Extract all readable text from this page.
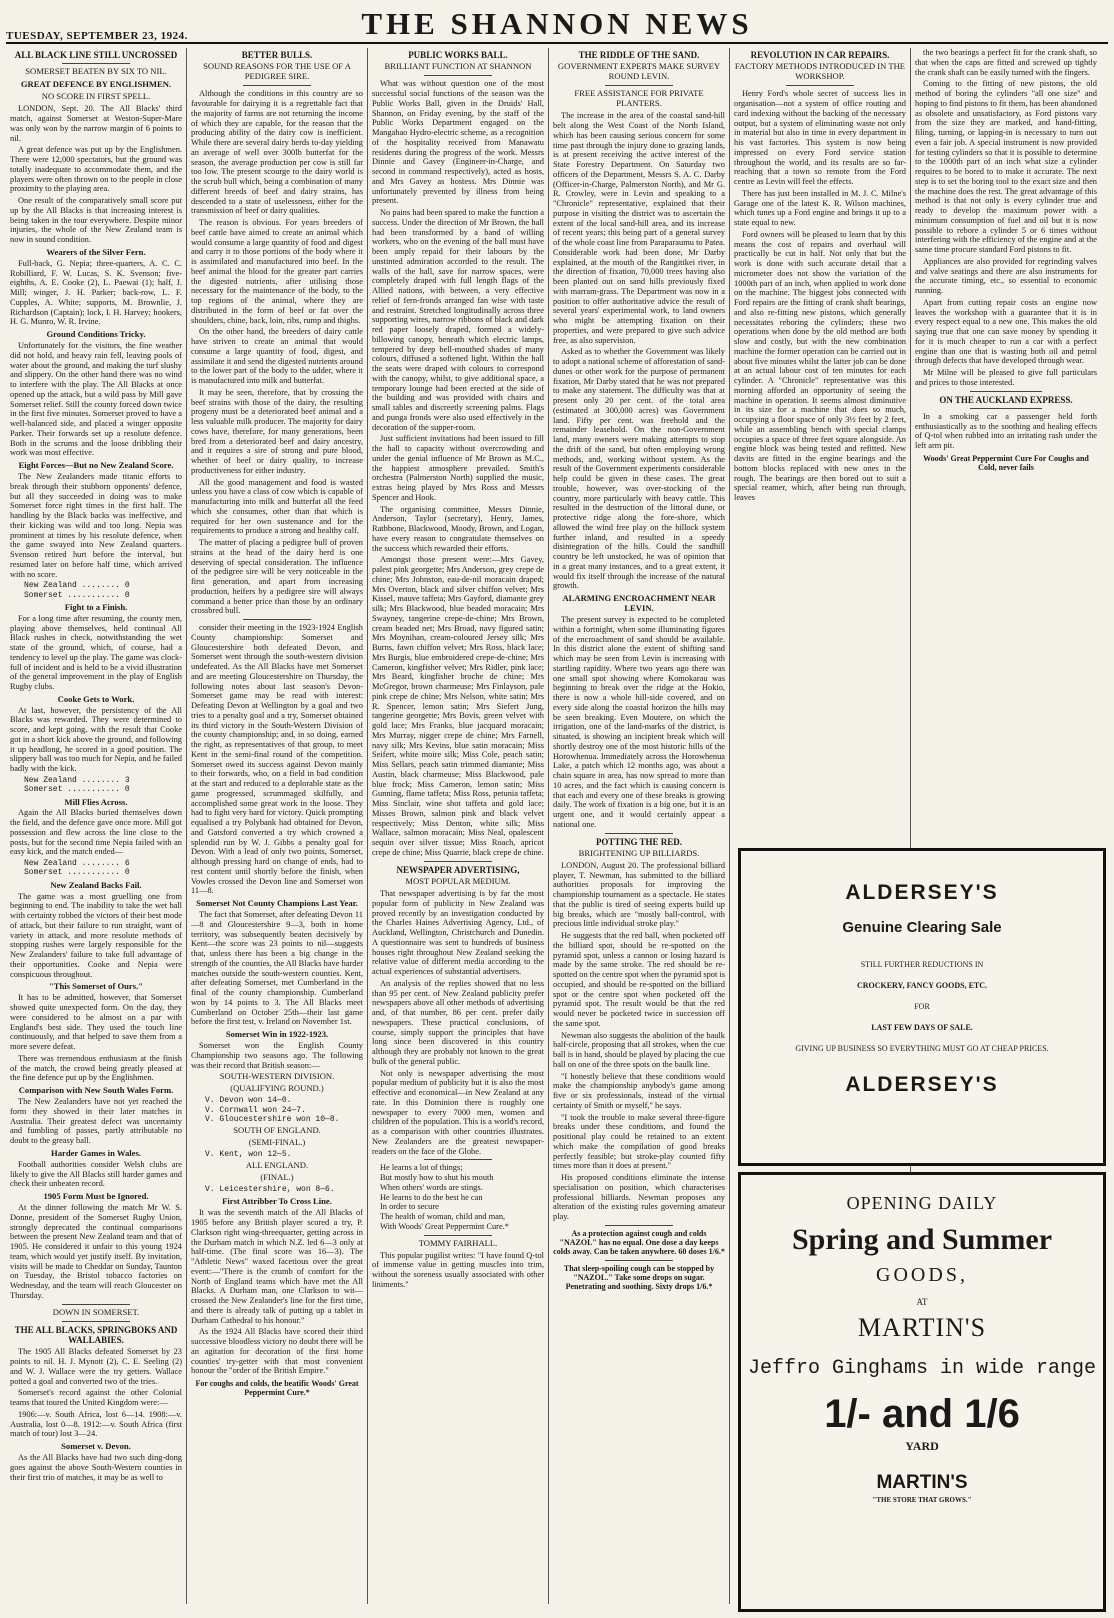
TUESDAY, SEPTEMBER 23, 1924.	THE SHANNON NEWS
ALL BLACK LINE STILL UNCROSSED
SOMERSET BEATEN BY SIX TO NIL.
GREAT DEFENCE BY ENGLISHMEN.
NO SCORE IN FIRST SPELL.

LONDON, Sept. 20. The All Blacks' third match, against Somerset at Weston-Super-Mare was only won by the narrow margin of 6 points to nil.

A great defence was put up by the Englishmen. There were 12,000 spectators, but the ground was totally inadequate to accommodate them, and the players were often thrown on to the people in close proximity to the playing area.

One result of the comparatively small score put up by the All Blacks is that increasing interest is being taken in the tour everywhere. Despite minor injuries, the whole of the New Zealand team is now in sound condition.

Wearers of the Silver Fern.

Full-back, G. Nepia; three-quarters, A. C. C. Robilliard, F. W. Lucas, S. K. Svenson; five-eighths, A. E. Cooke (2), L. Paewai (1); half, J. Mill; winger, J. H. Parker; back-row, L. F. Cupples, A. White; supports, M. Brownlie, J. Richardson (Captain); lock, I. H. Harvey; hookers, H. G. Munro, W. R. Irvine.

Ground Conditions Tricky.

Unfortunately for the visitors, the fine weather did not hold, and heavy rain fell, leaving pools of water about the ground, and making the turf slushy and slippery. On the other hand there was no wind to interfere with the play. The All Blacks at once opened up the attack, but a wild pass by Mill gave Somerset relief. Still the county forced down twice in the first five minutes. Somerset proved to have a well-balanced side, and placed a winger opposite Parker. Their forwards set up a resolute defence. Both in the scrums and the loose dribbling their work was most effective.

Eight Forces—But no New Zealand Score.

The New Zealanders made titanic efforts to break through their stubborn opponents' defence, but all they succeeded in doing was to make Somerset force right times in the first half. The handling by the Black backs was ineffective, and their kicking was wild and too long. Nepia was prominent at times by his resolute defence, when the game swayed into New Zealand quarters. Svenson retired hurt before the interval, but resumed later on before half time, which arrived with no score.

New Zealand ........ 0
Somerset ........... 0
Fight to a Finish.

For a long time after resuming, the county men, playing above themselves, held continual All Black rushes in check, notwithstanding the wet state of the ground, which, of course, had a tendency to level up the play. The game was clock-full of incident and is held to be a vivid illustration of the general improvement in the play of English Rugby clubs.

Cooke Gets to Work.

At last, however, the persistency of the All Blacks was rewarded. They were determined to score, and kept going, with the result that Cooke got in a short kick above the ground, and following it up headlong, he scored in a good position. The slippery ball was too much for Nepia, and he failed badly with the kick.

New Zealand ........ 3
Somerset ........... 0
Mill Flies Across.

Again the All Blacks buried themselves down the field, and the defence gave once more. Mill got possession and flew across the line close to the posts, but for the second time Nepia failed with an easy kick, and the match ended—

New Zealand ........ 6
Somerset ........... 0
New Zealand Backs Fail.

The game was a most gruelling one from beginning to end. The inability to take the wet ball with certainty robbed the victors of their best mode of attack, but their failure to run straight, want of variety in attack, and more resolute methods of stopping rushes were largely responsible for the New Zealanders' failure to take full advantage of their opportunities. Cooke and Nepia were conspicuous throughout.

"This Somerset of Ours."

It has to be admitted, however, that Somerset showed quite unexpected form. On the day, they were considered to be almost on a par with England's best side. They used the touch line continuously, and that helped to save them from a more severe defeat.

There was tremendous enthusiasm at the finish of the match, the crowd being greatly pleased at the fine defence put up by the Englishmen.

Comparison with New South Wales Form.

The New Zealanders have not yet reached the form they showed in their later matches in Australia. Their greatest defect was uncertainty and fumbling of passes, partly attributable no doubt to the greasy ball.

Harder Games in Wales.

Football authorities consider Welsh clubs are likely to give the All Blacks still harder games and check their unbeaten record.

1905 Form Must be Ignored.

At the dinner following the match Mr W. S. Donne, president of the Somerset Rugby Union, strongly deprecated the continual comparisons between the present New Zealand team and that of 1905. He considered it unfair to this young 1924 team, which would yet justify itself. By invitation, visits will be made to Cheddar on Sunday, Taunton on Tuesday, the Bristol tobacco factories on Wednesday, and the team will reach Gloucester on Thursday.

DOWN IN SOMERSET.
THE ALL BLACKS, SPRINGBOKS AND WALLABIES.

The 1905 All Blacks defeated Somerset by 23 points to nil. H. J. Mynott (2), C. E. Seeling (2) and W. J. Wallace were the try getters. Wallace potted a goal and converted two of the tries.

Somerset's record against the other Colonial teams that toured the United Kingdom were:—

1906:—v. South Africa, lost 6—14. 1908:—v. Australia, lost 0—8. 1912:—v. South Africa (first match of tour) lost 3—24.

Somerset v. Devon.

As the All Blacks have had two such ding-dong goes against the above South-Western counties in their first trio of matches, it may be as well to

BETTER BULLS.
SOUND REASONS FOR THE USE OF A PEDIGREE SIRE.

Although the conditions in this country are so favourable for dairying it is a regrettable fact that the majority of farms are not returning the income of which they are capable, for the reason that the producing ability of the dairy cow is inefficient. While there are several dairy herds to-day yielding an average of well over 300lb butterfat for the season, the average production per cow is still far too low. The present scourge to the dairy world is the scrub bull which, being a combination of many different breeds of beef and dairy strains, has descended to a state of uselessness, either for the transmission of beef or dairy qualities.

The reason is obvious. For years breeders of beef cattle have aimed to create an animal which would consume a large quantity of food and digest and carry it to those portions of the body where it is assimilated and manufactured into beef. In the beef animal the blood for the greater part carries the digested nutrients, after utilising those necessary for the maintenance of the body, to the top regions of the animal, where they are distributed in the form of beef or fat over the shoulders, chine, back, loin, ribs, rump and thighs.

On the other hand, the breeders of dairy cattle have striven to create an animal that would consume a large quantity of food, digest, and assimilate it and send the digested nutrients around to the lower part of the body to the udder, where it is manufactured into milk and butterfat.

It may be seen, therefore, that by crossing the beef strains with those of the dairy, the resulting progeny must be a deteriorated beef animal and a less valuable milk producer. The majority for dairy cows have, therefore, for many generations, been bred from a deteriorated beef and dairy ancestry, and it requires a sire of strong and pure blood, whether of beef or dairy quality, to increase productiveness for either industry.

All the good management and food is wasted unless you have a class of cow which is capable of manufacturing into milk and butterfat all the feed which she consumes, other than that which is required for her own sustenance and for the requirements to produce a strong and healthy calf.

The matter of placing a pedigree bull of proven strains at the head of the dairy herd is one deserving of special consideration. The influence of the pedigree sire will be very noticeable in the first generation, and apart from increasing production, heifers by a pedigree sire will always command a better price than those by an ordinary crossbred bull.

consider their meeting in the 1923-1924 English County championship: Somerset and Gloucestershire both defeated Devon, and Somerset went through the south-western division undefeated. As the All Blacks have met Somerset and are meeting Gloucestershire on Thursday, the following notes about last season's Devon-Somerset game may be read with interest: Defeating Devon at Wellington by a goal and two tries to a penalty goal and a try, Somerset obtained its third victory in the South-Western Division of the county championship; and, in so doing, earned the right, as representatives of that group, to meet Kent in the semi-final round of the competition. Somerset owed its success against Devon mainly to their forwards, who, on a field in bad condition at the start and reduced to a deplorable state as the game progressed, scrummaged skilfully, and accomplished some great work in the loose. They had to fight very hard for victory. Quick prompting equalised a try Polybank had obtained for Devon, and Gatsford converted a try which crowned a splendid run by W. J. Gibbs a penalty goal for Devon. With a lead of only two points, Somerset, although pressing hard on change of ends, had to rest content until shortly before the finish, when Vowles crossed the Devon line and Somerset won 11—8.

Somerset Not County Champions Last Year.

The fact that Somerset, after defeating Devon 11—8 and Gloucestershire 9—3, both in home territory, was subsequently beaten decisively by Kent—the score was 23 points to nil—suggests that, unless there has been a big change in the strength of the counties, the All Blacks have harder matches outside the south-western counties. Kent, after defeating Somerset, met Cumberland in the final of the county championship. Cumberland won by 14 points to 3. The All Blacks meet Cumberland on October 25th—their last game before the first test, v. Ireland on November 1st.

Somerset Win in 1922-1923.

Somerset won the English County Championship two seasons ago. The following was their record that British season:—

SOUTH-WESTERN DIVISION.
(QUALIFYING ROUND.)
V. Devon won 14—0.
V. Cornwall won 24—7.
V. Gloucestershire won 10—8.
SOUTH OF ENGLAND.
(SEMI-FINAL.)
V. Kent, won 12—5.
ALL ENGLAND.
(FINAL.)
V. Leicestershire, won 8—6.
First Attribber To Cross Line.

It was the seventh match of the All Blacks of 1905 before any British player scored a try, P. Clarkson right wing-threequarter, getting across in the Durham match in which N.Z. led 6—3 only at half-time. (The final score was 16—3). The "Athletic News" waxed facetious over the great event:—"There is the crumb of comfort for the North of England teams which have met the All Blacks. A Durham man, one Clarkson to wit—crossed the New Zealander's line for the first time, and there is already talk of putting up a tablet in Durham Cathedral to his honour."

As the 1924 All Blacks have scored their third successive bloodless victory no doubt there will be an agitation for decoration of the first home counties' try-getter with that most convenient honour the "order of the British Empire."

For coughs and colds, the beatific Woods' Great Peppermint Cure.*
PUBLIC WORKS BALL.
BRILLIANT FUNCTION AT SHANNON

What was without question one of the most successful social functions of the season was the Public Works Ball, given in the Druids' Hall, Shannon, on Friday evening, by the staff of the Public Works Department engaged on the Mangahao Hydro-electric scheme, as a recognition of the hospitality received from Manawatu residents during the progress of the work. Messrs Dinnie and Gavey (Engineer-in-Charge, and second in command respectively), acted as hosts, and Mrs Gavey as hostess. Mrs Dinnie was unfortunately prevented by illness from being present.

No pains had been spared to make the function a success. Under the direction of Mr Brown, the hall had been transformed by a band of willing workers, who on the evening of the ball must have been amply repaid for their labours by the unstinted admiration accorded to the result. The walls of the hall, save for narrow spaces, were completely draped with full length flags of the Allied nations, with between, a very effective relief of fern-fronds arranged fan wise with taste and restraint. Stretched longitudinally across three supporting wires, narrow ribbons of black and dark red paper loosely draped, formed a widely-billowing canopy, beneath which electric lamps, tempered by deep bell-mouthed shades of many colours, diffused a softened light. Within the hall the seats were draped with colours to correspond with the canopy, whilst, to give additional space, a temporary lounge had been erected at the side of the building and was provided with chairs and small tables and discreetly screening palms. Flags and punga fronds were also used effectively in the decoration of the supper-room.

Just sufficient invitations had been issued to fill the hall to capacity without overcrowding and under the genial influence of Mr Brown as M.C., the happiest atmosphere prevailed. Smith's orchestra (Palmerston North) supplied the music, extras being played by Mrs Ross and Messrs Spencer and Hook.

The organising committee, Messrs Dinnie, Anderson, Taylor (secretary), Henry, James, Rathbone, Blackwood, Moody, Brown, and Logan, have every reason to congratulate themselves on the success which rewarded their efforts.

Amongst those present were:—Mrs Gavey, palest pink georgette; Mrs Anderson, grey crepe de chine; Mrs Johnston, eau-de-nil moracain draped; Mrs Overton, black and silver chiffon velvet; Mrs Kissel, mauve taffeta; Mrs Gayford, diamante grey silk; Mrs Blackwood, blue beaded moracain; Mrs Swayney, tangerine crepe-de-chine; Mrs Brown, cream beaded net; Mrs Broad, navy figured satin; Mrs Moynihan, cream-coloured Jersey silk; Mrs Burns, fawn chiffon velvet; Mrs Ross, black lace; Mrs Burgis, blue embroidered crepe-de-chine; Mrs Cameron, kingfisher velvet; Mrs Ridler, pink lace; Mrs Beard, kingfisher broche de chine; Mrs McGregor, brown charmeuse; Mrs Finlayson, pale pink crepe de chine; Mrs Nelson, white satin; Mrs R. Spencer, lemon satin; Mrs Siefert Jung, tangerine georgette; Mrs Bovis, green velvet with gold lace; Mrs Franks, blue jacquard moracain; Mrs Murray, nigger crepe de chine; Mrs Farnell, navy silk; Mrs Kevins, blue satin moracain; Miss Seifert, white moire silk; Miss Cole, peach satin; Miss Sellars, peach satin trimmed diamante; Miss Austin, black charmeuse; Miss Blackwood, pale blue frock; Miss Cameron, lemon satin; Miss Gunning, flame taffeta; Miss Ross, petunia taffeta; Miss Sinclair, wine shot taffeta and gold lace; Misses Brown, salmon pink and black velvet respectively; Miss Denton, white silk; Miss Wallace, salmon moracain; Miss Neal, opalescent sequin over silver tissue; Miss Roach, apricot crepe de chine; Miss Quarrie, black crepe de chine.

NEWSPAPER ADVERTISING,
MOST POPULAR MEDIUM.

That newspaper advertising is by far the most popular form of publicity in New Zealand was proved recently by an investigation conducted by the Charles Haines Advertising Agency, Ltd., of Auckland, Wellington, Christchurch and Dunedin. A questionnaire was sent to hundreds of business houses right throughout New Zealand seeking the relative value of different media according to the actual experiences of substantial advertisers.

An analysis of the replies showed that no less than 95 per cent. of New Zealand publicity prefer newspapers above all other methods of advertising and, of that number, 86 per cent. prefer daily newspapers. These practical conclusions, of course, simply support the principles that have long since been discovered in this country although they are probably not known to the great bulk of the general public.

Not only is newspaper advertising the most popular medium of publicity but it is also the most effective and economical—in New Zealand at any rate. In this Dominion there is roughly one newspaper to every 7000 men, women and children of the population. This is a world's record, as a comparison with other countries illustrates. New Zealanders are the greatest newspaper-readers on the face of the Globe.

He learns a lot of things;
But mostly how to shut his mouth
When others' words are stings.
He learns to do the best he can
In order to secure
The health of woman, child and man,
With Woods' Great Peppermint Cure.*

TOMMY FAIRHALL.

This popular pugilist writes: "I have found Q-tol of immense value in getting muscles into trim, without the soreness usually associated with other liniments."

THE RIDDLE OF THE SAND.
GOVERNMENT EXPERTS MAKE SURVEY ROUND LEVIN.
FREE ASSISTANCE FOR PRIVATE PLANTERS.

The increase in the area of the coastal sand-hill belt along the West Coast of the North Island, which has been causing serious concern for some time past through the injury done to grazing lands, is at present receiving the active interest of the State Forestry Department. On Saturday two officers of the Department, Messrs S. A. C. Darby (Officer-in-Charge, Palmerston North), and Mr G. R. Crowley, were in Levin and speaking to a "Chronicle" representative, explained that their purpose in visiting the district was to ascertain the extent of the local sand-hill area, and its increase of recent years; this being part of a general survey of the whole coast line from Paraparaumu to Patea. Considerable work had been done, Mr Darby explained, at the mouth of the Rangitikei river, in the direction of fixation, 70,000 trees having also been planted out on sand hills previously fixed with marram-grass. The Department was now in a position to offer authoritative advice the result of several years' experimental work, to land owners who might be attempting fixation on their properties, and were prepared to give such advice free, as also supervision.

Asked as to whether the Government was likely to adopt a national scheme of afforestation of sand-dunes or other work for the purpose of permanent fixation, Mr Darby stated that he was not prepared to make any statement. The difficulty was that at present only 20 per cent. of the total area (estimated at 300,000 acres) was Government land. Fifty per cent. was freehold and the remainder leasehold. On the non-Government land, many owners were making attempts to stop the drift of the sand, but often employing wrong methods, and, working without system. As the result of the Government experiments considerable help could be given in these cases. The great trouble, however, was over-stocking of the country, more particularly with heavy cattle. This resulted in the destruction of the littoral dune, or protective ridge along the fore-shore, which allowed the wind free play on the hillock system further inland, and resulted in a speedy disintegration of the hills. Could the sandhill country be left unstocked, he was of opinion that in a great many instances, and to a great extent, it would fix itself through the increase of the natural growth.

ALARMING ENCROACHMENT NEAR LEVIN.

The present survey is expected to be completed within a fortnight, when some illuminating figures of the encroachment of sand should be available. In this district alone the extent of shifting sand which may be seen from Levin is increasing with startling rapidity. Where two years ago there was one small spot showing where Komokarau was beginning to break over the ridge at the Hokio, there is now a whole hill-side covered, and on every side along the coastal horizon the hills may be seen breaking. Even Moutere, on which the irrigation, one of the land-marks of the district, is situated, is showing an incipient break which will shortly destroy one of the most historic hills of the Horowhenua. Immediately across the Horowhenua Lake, a patch which 12 months ago, was about a chain square in area, has now spread to more than 10 acres, and the fact which is causing concern is that each and every one of these breaks is growing daily. The work of fixation is a big one, but it is an urgent one, and it would certainly appear a national one.

POTTING THE RED.
BRIGHTENING UP BILLIARDS.

LONDON, August 20. The professional billiard player, T. Newman, has submitted to the billiard authorities proposals for improving the championship tournament as a spectacle. He states that the public is tired of seeing experts build up big breaks, which are "mostly ball-control, with precious little individual stroke play."

He suggests that the red ball, when pocketed off the billiard spot, should be re-spotted on the pyramid spot, unless a cannon or losing hazard is made by the same stroke. The red should be re-spotted on the centre spot when the pyramid spot is occupied, and should be re-spotted on the billiard spot or the centre spot when pocketed off the pyramid spot. The result would be that the red would never be pocketed twice in succession off the same spot.

Newman also suggests the abolition of the baulk half-circle, proposing that all strokes, when the cue ball is in hand, should be played by placing the cue ball on one of the three spots on the baulk line.

"I honestly believe that these conditions would make the championship anybody's game among five or six professionals, instead of the virtual certainty of Smith or myself," he says.

"I took the trouble to make several three-figure breaks under these conditions, and found the positional play could be retained to an extent which make the compilation of good breaks perfectly feasible; but stroke-play counted fifty times more than it does at present."

His proposed conditions eliminate the intense specialisation on position, which characterises professional billiards. Newman proposes any alteration of the existing rules governing amateur play.

As a protection against cough and colds "NAZOL" has no equal. One dose a day keeps colds away. Can be taken anywhere. 60 doses 1/6.*
That sleep-spoiling cough can be stopped by "NAZOL." Take some drops on sugar. Penetrating and soothing. Sixty drops 1/6.*
REVOLUTION IN CAR REPAIRS.
FACTORY METHODS INTRODUCED IN THE WORKSHOP.

Henry Ford's whole secret of success lies in organisation—not a system of office routing and card indexing without the backing of the necessary output, but a system of eliminating waste not only in material but also in time in every department in his vast factories. This system is now being impressed on every Ford service station throughout the world, and its results are so far-reaching that a town so remote from the Ford centre as Levin will feel the effects.

There has just been installed in M. J. C. Milne's Garage one of the latest K. R. Wilson machines, which tunes up a Ford engine and brings it up to a state equal to new.

Ford owners will be pleased to learn that by this means the cost of repairs and overhaul will practically be cut in half. Not only that but the work is done with such accurate detail that a micrometer does not show the variation of the 1000th part of an inch, when applied to work done on the machine. The biggest jobs connected with Ford repairs are the fitting of crank shaft bearings, and also re-fitting new pistons, which generally necessitates reboring the cylinders; these two operations when done by the old method are both slow and costly, but with the new combination machine the former operation can be carried out in about five minutes whilst the latter job can be done at an actual labour cost of ten minutes for each cylinder. A "Chronicle" representative was this morning afforded an opportunity of seeing the machine in operation. It seems almost diminutive in its size for a machine that does so much, occupying a floor space of only 3½ feet by 2 feet, while an assembling bench with special clamps occupies a space of three feet square alongside. An engine block was being tested and refitted. New davits are fitted in the engine bearings and the bottom blocks replaced with new ones in the rough. The bearings are then bored out to suit a special reamer, which, after being run through, leaves

the two bearings a perfect fit for the crank shaft, so that when the caps are fitted and screwed up tightly the crank shaft can be easily turned with the fingers.

Coming to the fitting of new pistons, the old method of boring the cylinders "all one size" and hoping to find pistons to fit them, has been abandoned as obsolete and unsatisfactory, as Ford pistons vary from the size they are marked, and hand-fitting, filing, turning, or lapping-in is necessary to turn out even a fair job. A special instrument is now provided for testing cylinders so that it is possible to determine to the 1000th part of an inch what size a cylinder requires to be bored to to make it accurate. The next step is to set the boring tool to the exact size and then the machine does the rest. The great advantage of this method is that not only is every cylinder true and ready to develop the maximum power with a minimum consumption of fuel and oil but it is now possible to rebore a cylinder 5 or 6 times without interfering with the efficiency of the engine and at the same time procure standard Ford pistons to fit.

Appliances are also provided for regrinding valves and valve seatings and there are also instruments for the accurate timing, etc., so essential to economic running.

Apart from cutting repair costs an engine now leaves the workshop with a guarantee that it is in every respect equal to a new one. This makes the old saying true that one can save money by spending it for it is much cheaper to run a car with a perfect engine than one that is wasting both oil and petrol through defects that have developed through wear.

Mr Milne will be pleased to give full particulars and prices to those interested.

ON THE AUCKLAND EXPRESS.

In a smoking car a passenger held forth enthusiastically as to the soothing and healing effects of Q-tol when rubbed into an irritating rash under the left arm pit.

Woods' Great Peppermint Cure For Coughs and Cold, never fails
ALDERSEY'S
Genuine Clearing Sale
STILL FURTHER REDUCTIONS IN
CROCKERY, FANCY GOODS, ETC.
FOR
LAST FEW DAYS OF SALE.
GIVING UP BUSINESS SO EVERYTHING MUST GO AT CHEAP PRICES.
ALDERSEY'S
OPENING DAILY
Spring and Summer
GOODS,
AT
MARTIN'S
Jeffro Ginghams in wide range
1/- and 1/6
YARD
MARTIN'S
"THE STORE THAT GROWS."
